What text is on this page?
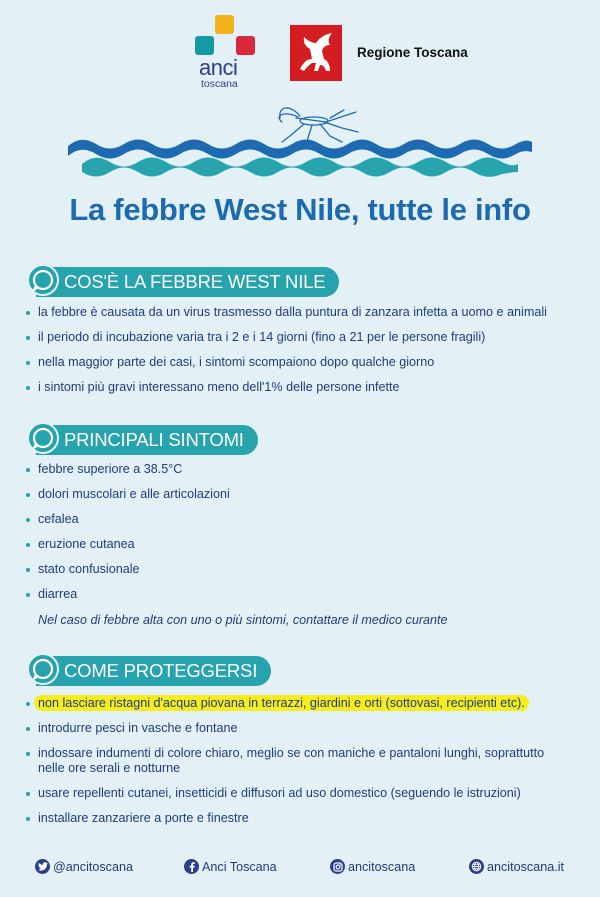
anci
toscana
Regione Toscana
La febbre West Nile, tutte le info
COS'È LA FEBBRE WEST NILE
la febbre è causata da un virus trasmesso dalla puntura di zanzara infetta a uomo e animali
il periodo di incubazione varia tra i 2 e i 14 giorni (fino a 21 per le persone fragili)
nella maggior parte dei casi, i sintomi scompaiono dopo qualche giorno
i sintomi più gravi interessano meno dell'1% delle persone infette
PRINCIPALI SINTOMI
febbre superiore a 38.5°C
dolori muscolari e alle articolazioni
cefalea
eruzione cutanea
stato confusionale
diarrea
Nel caso di febbre alta con uno o più sintomi, contattare il medico curante
COME PROTEGGERSI
non lasciare ristagni d'acqua piovana in terrazzi, giardini e orti (sottovasi, recipienti etc).
introdurre pesci in vasche e fontane
indossare indumenti di colore chiaro, meglio se con maniche e pantaloni lunghi, soprattutto
nelle ore serali e notturne
usare repellenti cutanei, insetticidi e diffusori ad uso domestico (seguendo le istruzioni)
installare zanzariere a porte e finestre
@ancitoscana	Anci Toscana	ancitoscana	ancitoscana.it
